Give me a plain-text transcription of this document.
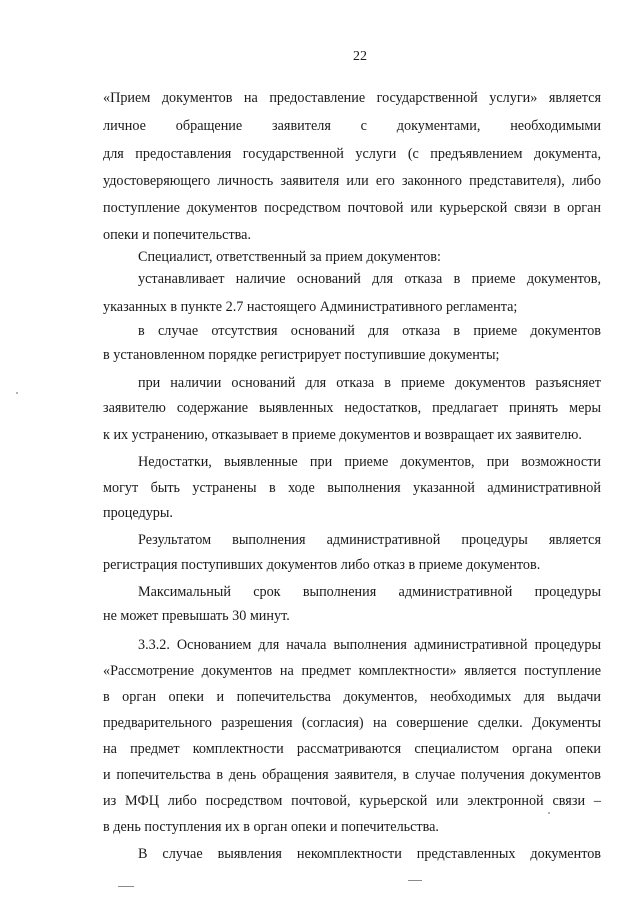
22
«Прием документов на предоставление государственной услуги» является
личное обращение заявителя с документами, необходимыми
для предоставления государственной услуги (с предъявлением документа,
удостоверяющего личность заявителя или его законного представителя), либо
поступление документов посредством почтовой или курьерской связи в орган
опеки и попечительства.
Специалист, ответственный за прием документов:
устанавливает наличие оснований для отказа в приеме документов,
указанных в пункте 2.7 настоящего Административного регламента;
в случае отсутствия оснований для отказа в приеме документов
в установленном порядке регистрирует поступившие документы;
при наличии оснований для отказа в приеме документов разъясняет
заявителю содержание выявленных недостатков, предлагает принять меры
к их устранению, отказывает в приеме документов и возвращает их заявителю.
Недостатки, выявленные при приеме документов, при возможности
могут быть устранены в ходе выполнения указанной административной
процедуры.
Результатом выполнения административной процедуры является
регистрация поступивших документов либо отказ в приеме документов.
Максимальный срок выполнения административной процедуры
не может превышать 30 минут.
3.3.2. Основанием для начала выполнения административной процедуры
«Рассмотрение документов на предмет комплектности» является поступление
в орган опеки и попечительства документов, необходимых для выдачи
предварительного разрешения (согласия) на совершение сделки. Документы
на предмет комплектности рассматриваются специалистом органа опеки
и попечительства в день обращения заявителя, в случае получения документов
из МФЦ либо посредством почтовой, курьерской или электронной связи –
в день поступления их в орган опеки и попечительства.
В случае выявления некомплектности представленных документов
